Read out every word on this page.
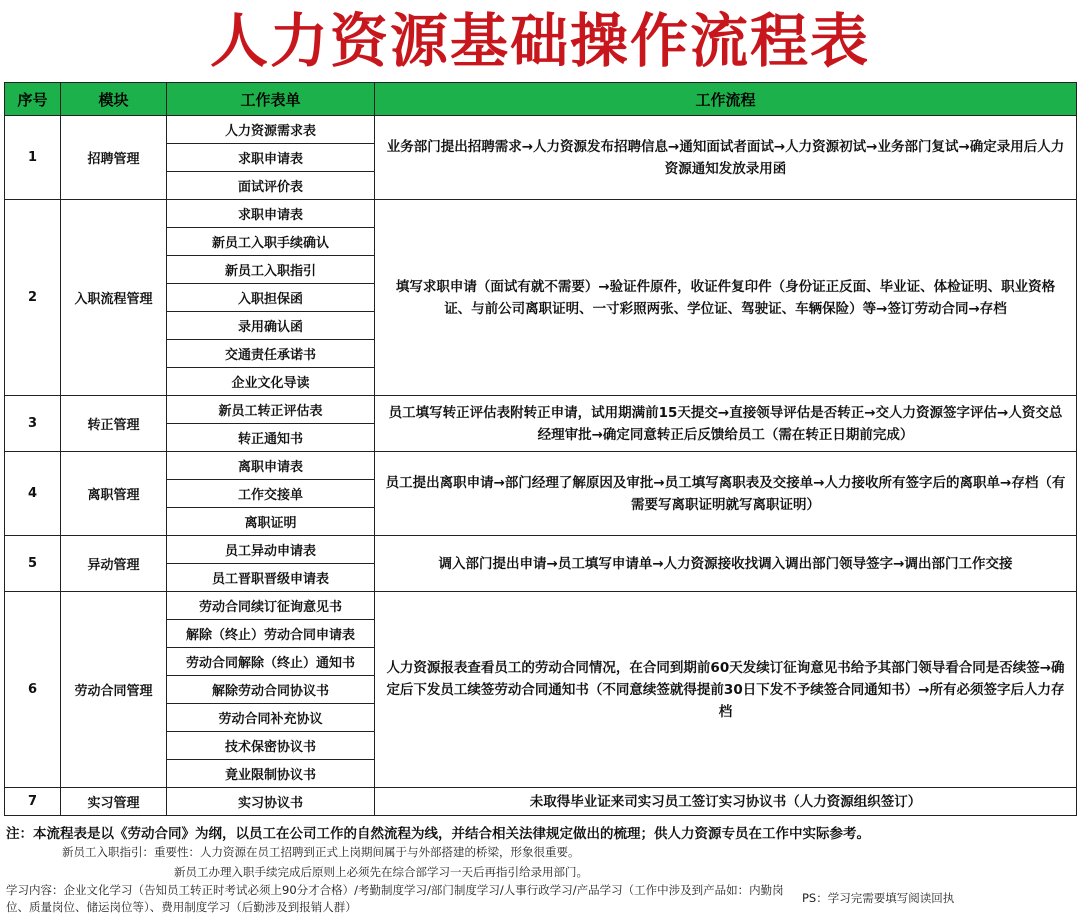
人力资源基础操作流程表
序号	模块	工作表单	工作流程
1	招聘管理	人力资源需求表	业务部门提出招聘需求→人力资源发布招聘信息→通知面试者面试→人力资源初试→业务部门复试→确定录用后人力资源通知发放录用函
		求职申请表	
		面试评价表	
2	入职流程管理	求职申请表	填写求职申请（面试有就不需要）→验证件原件，收证件复印件（身份证正反面、毕业证、体检证明、职业资格证、与前公司离职证明、一寸彩照两张、学位证、驾驶证、车辆保险）等→签订劳动合同→存档
		新员工入职手续确认	
		新员工入职指引	
		入职担保函	
		录用确认函	
		交通责任承诺书	
		企业文化导读	
3	转正管理	新员工转正评估表	员工填写转正评估表附转正申请，试用期满前15天提交→直接领导评估是否转正→交人力资源签字评估→人资交总经理审批→确定同意转正后反馈给员工（需在转正日期前完成）
		转正通知书	
4	离职管理	离职申请表	员工提出离职申请→部门经理了解原因及审批→员工填写离职表及交接单→人力接收所有签字后的离职单→存档（有需要写离职证明就写离职证明）
		工作交接单	
		离职证明	
5	异动管理	员工异动申请表	调入部门提出申请→员工填写申请单→人力资源接收找调入调出部门领导签字→调出部门工作交接
		员工晋职晋级申请表	
6	劳动合同管理	劳动合同续订征询意见书	人力资源报表查看员工的劳动合同情况，在合同到期前60天发续订征询意见书给予其部门领导看合同是否续签→确定后下发员工续签劳动合同通知书（不同意续签就得提前30日下发不予续签合同通知书）→所有必须签字后人力存档
		解除（终止）劳动合同申请表	
		劳动合同解除（终止）通知书	
		解除劳动合同协议书	
		劳动合同补充协议	
		技术保密协议书	
		竟业限制协议书	
7	实习管理	实习协议书	未取得毕业证来司实习员工签订实习协议书（人力资源组织签订）
注：本流程表是以《劳动合同》为纲，以员工在公司工作的自然流程为线，并结合相关法律规定做出的梳理；供人力资源专员在工作中实际参考。
新员工入职指引：重要性：人力资源在员工招聘到正式上岗期间属于与外部搭建的桥梁，形象很重要。
新员工办理入职手续完成后原则上必须先在综合部学习一天后再指引给录用部门。
学习内容：企业文化学习（告知员工转正时考试必须上90分才合格）/考勤制度学习/部门制度学习/人事行政学习/产品学习（工作中涉及到产品如：内勤岗位、质量岗位、储运岗位等）、费用制度学习（后勤涉及到报销人群）
PS：学习完需要填写阅读回执
